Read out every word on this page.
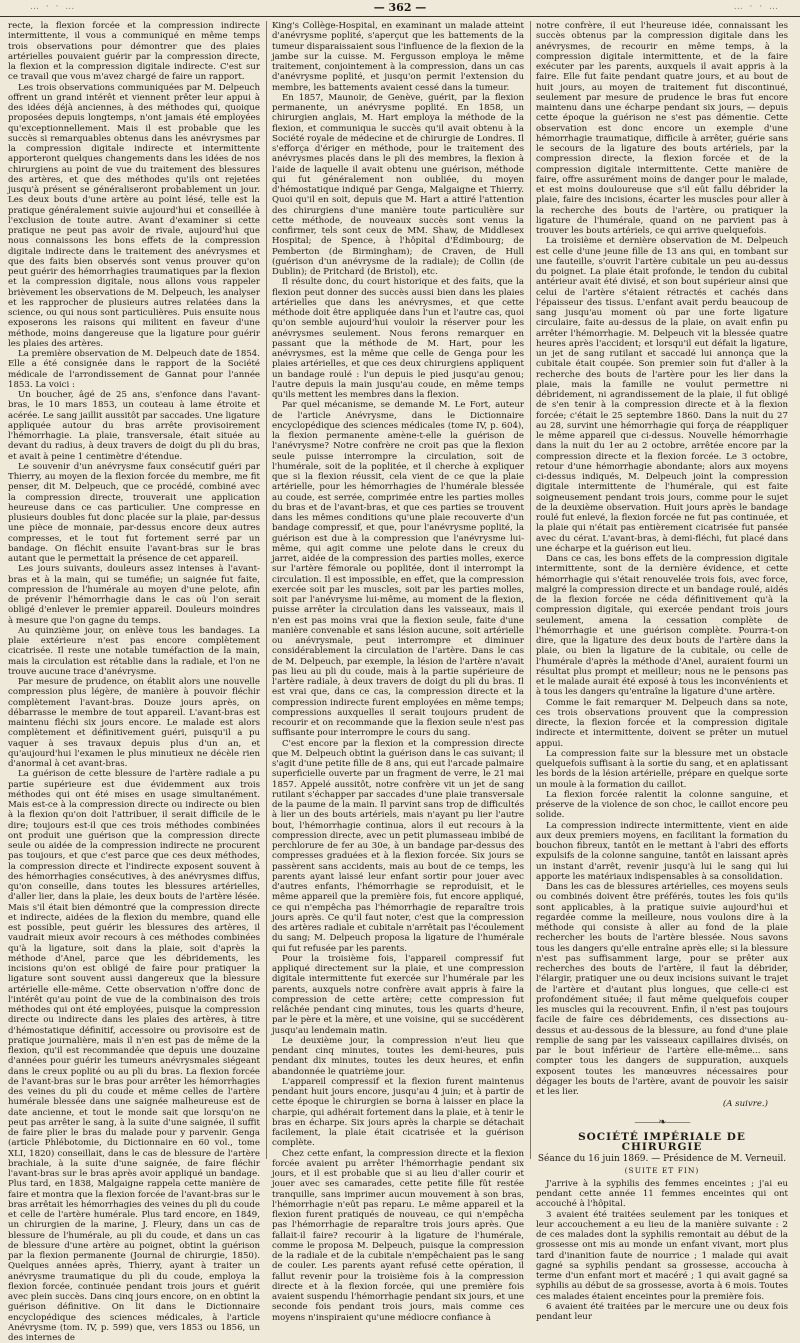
… · · …	— 362 —	… · · …

recte, la flexion forcée et la compression indirecte intermittente, il vous a communiqué en même temps trois observations pour démontrer que des plaies artérielles pouvaient guérir par la compression directe, la flexion et la compression digitale indirecte. C'est sur ce travail que vous m'avez chargé de faire un rapport.

Les trois observations communiquées par M. Delpeuch offrent un grand intérêt et viennent prêter leur appui à des idées déjà anciennes, à des méthodes qui, quoique proposées depuis longtemps, n'ont jamais été employées qu'exceptionnellement. Mais il est probable que les succès si remarquables obtenus dans les anévrysmes par la compression digitale indirecte et intermittente apporteront quelques changements dans les idées de nos chirurgiens au point de vue du traitement des blessures des artères, et que des méthodes qu'ils ont rejetées jusqu'à présent se généraliseront probablement un jour. Les deux bouts d'une artère au point lésé, telle est la pratique généralement suivie aujourd'hui et conseillée à l'exclusion de toute autre. Avant d'examiner si cette pratique ne peut pas avoir de rivale, aujourd'hui que nous connaissons les bons effets de la compression digitale indirecte dans le traitement des anévrysmes et que des faits bien observés sont venus prouver qu'on peut guérir des hémorrhagies traumatiques par la flexion et la compression digitale, nous allons vous rappeler brièvement les observations de M. Delpeuch, les analyser et les rapprocher de plusieurs autres relatées dans la science, ou qui nous sont particulières. Puis ensuite nous exposerons les raisons qui militent en faveur d'une méthode, moins dangereuse que la ligature pour guérir les plaies des artères.

La première observation de M. Delpeuch date de 1854. Elle a été consignée dans le rapport de la Société médicale de l'arrondissement de Gannat pour l'année 1853. La voici :

Un boucher, âgé de 25 ans, s'enfonce dans l'avant-bras, le 10 mars 1853, un couteau à lame étroite et acérée. Le sang jaillit aussitôt par saccades. Une ligature appliquée autour du bras arrête provisoirement l'hémorrhagie. La plaie, transversale, était située au devant du radius, à deux travers de doigt du pli du bras, et avait à peine 1 centimètre d'étendue.

Le souvenir d'un anévrysme faux consécutif guéri par Thierry, au moyen de la flexion forcée du membre, me fit penser, dit M. Delpeuch, que ce procédé, combiné avec la compression directe, trouverait une application heureuse dans ce cas particulier. Une compresse en plusieurs doubles fut donc placée sur la plaie, par-dessus une pièce de monnaie, par-dessus encore deux autres compresses, et le tout fut fortement serré par un bandage. On fléchit ensuite l'avant-bras sur le bras autant que le permettait la présence de cet appareil.

Les jours suivants, douleurs assez intenses à l'avant-bras et à la main, qui se tuméfie; un saignée fut faite, compression de l'humérale au moyen d'une pelote, afin de prévenir l'hémorrhagie dans le cas où l'on serait obligé d'enlever le premier appareil. Douleurs moindres à mesure que l'on gagne du temps.

Au quinzième jour, on enlève tous les bandages. La plaie extérieure n'est pas encore complètement cicatrisée. Il reste une notable tuméfaction de la main, mais la circulation est rétablie dans la radiale, et l'on ne trouve aucune trace d'anévrysme.

Par mesure de prudence, on établit alors une nouvelle compression plus légère, de manière à pouvoir fléchir complètement l'avant-bras. Douze jours après, on débarrasse le membre de tout appareil. L'avant-bras est maintenu fléchi six jours encore. Le malade est alors complètement et définitivement guéri, puisqu'il a pu vaquer à ses travaux depuis plus d'un an, et qu'aujourd'hui l'examen le plus minutieux ne décèle rien d'anormal à cet avant-bras.

La guérison de cette blessure de l'artère radiale a pu partie supérieure est due évidemment aux trois méthodes qui ont été mises en usage simultanément. Mais est-ce à la compression directe ou indirecte ou bien à la flexion qu'on doit l'attribuer, il serait difficile de le dire; toujours est-il que ces trois méthodes combinées ont produit une guérison que la compression directe seule ou aidée de la compression indirecte ne procurent pas toujours, et que c'est parce que ces deux méthodes, la compression directe et l'indirecte exposent souvent à des hémorrhagies consécutives, à des anévrysmes diffus, qu'on conseille, dans toutes les blessures artérielles, d'aller lier, dans la plaie, les deux bouts de l'artère lésée. Mais s'il était bien démontré que la compression directe et indirecte, aidées de la flexion du membre, quand elle est possible, peut guérir les blessures des artères, il vaudrait mieux avoir recours à ces méthodes combinées qu'à la ligature, soit dans la plaie, soit d'après la méthode d'Anel, parce que les débridements, les incisions qu'on est obligé de faire pour pratiquer la ligature sont souvent aussi dangereux que la blessure artérielle elle-même. Cette observation n'offre donc de l'intérêt qu'au point de vue de la combinaison des trois méthodes qui ont été employées, puisque la compression directe ou indirecte dans les plaies des artères, à titre d'hémostatique définitif, accessoire ou provisoire est de pratique journalière, mais il n'en est pas de même de la flexion, qu'il est recommandée que depuis une douzaine d'années pour guérir les tumeurs anévrysmales siégeant dans le creux poplité ou au pli du bras. La flexion forcée de l'avant-bras sur le bras pour arrêter les hémorrhagies des veines du pli du coude et même celles de l'artère humérale blessée dans une saignée malheureuse est de date ancienne, et tout le monde sait que lorsqu'on ne peut pas arrêter le sang, à la suite d'une saignée, il suffit de faire plier le bras du malade pour y parvenir. Genga (article Phlébotomie, du Dictionnaire en 60 vol., tome XLI, 1820) conseillait, dans le cas de blessure de l'artère brachiale, à la suite d'une saignée, de faire fléchir l'avant-bras sur le bras après avoir appliqué un bandage. Plus tard, en 1838, Malgaigne rappela cette manière de faire et montra que la flexion forcée de l'avant-bras sur le bras arrêtait les hémorrhagies des veines du pli du coude et celle de l'artère humérale. Plus tard encore, en 1849, un chirurgien de la marine, J. Fleury, dans un cas de blessure de l'humérale, au pli du coude, et dans un cas de blessure d'une artère au poignet, obtint la guérison par la flexion permanente (Journal de chirurgie, 1850). Quelques années après, Thierry, ayant à traiter un anévrysme traumatique du pli du coude, employa la flexion forcée, continuée pendant trois jours et guérit avec plein succès. Dans cinq jours encore, on en obtint la guérison définitive. On lit dans le Dictionnaire encyclopédique des sciences médicales, à l'article Anévrysme (tom. IV, p. 599) que, vers 1853 ou 1856, un des internes de

King's Collège-Hospital, en examinant un malade atteint d'anévrysme poplité, s'aperçut que les battements de la tumeur disparaissaient sous l'influence de la flexion de la jambe sur la cuisse. M. Fergusson employa le même traitement, conjointement à la compression, dans un cas d'anévrysme poplité, et jusqu'on permit l'extension du membre, les battements avaient cessé dans la tumeur.

En 1857, Maunoir, de Genève, guérit, par la flexion permanente, un anévrysme poplité. En 1858, un chirurgien anglais, M. Hart employa la méthode de la flexion, et communiqua le succès qu'il avait obtenu à la Société royale de médecine et de chirurgie de Londres. Il s'efforça d'ériger en méthode, pour le traitement des anévrysmes placés dans le pli des membres, la flexion à l'aide de laquelle il avait obtenu une guérison, méthode qui fut généralement non oubliée, du moyen d'hémostatique indiqué par Genga, Malgaigne et Thierry. Quoi qu'il en soit, depuis que M. Hart a attiré l'attention des chirurgiens d'une manière toute particulière sur cette méthode, de nouveaux succès sont venus la confirmer, tels sont ceux de MM. Shaw, de Middlesex Hospital; de Spence, à l'hôpital d'Édimbourg; de Pemberton (de Birmingham); de Craven, de Hull (guérison d'un anévrysme de la radiale); de Collin (de Dublin); de Pritchard (de Bristol), etc.

Il résulte donc, du court historique et des faits, que la flexion peut donner des succès aussi bien dans les plaies artérielles que dans les anévrysmes, et que cette méthode doit être appliquée dans l'un et l'autre cas, quoi qu'on semble aujourd'hui vouloir la réserver pour les anévrysmes seulement. Nous ferons remarquer en passant que la méthode de M. Hart, pour les anévrysmes, est la même que celle de Genga pour les plaies artérielles, et que ces deux chirurgiens appliquent un bandage roulé : l'un depuis le pied jusqu'au genou; l'autre depuis la main jusqu'au coude, en même temps qu'ils mettent les membres dans la flexion.

Par quel mécanisme, se demande M. Le Fort, auteur de l'article Anévrysme, dans le Dictionnaire encyclopédique des sciences médicales (tome IV, p. 604), la flexion permanente amène-t-elle la guérison de l'anévrysme? Notre confrère ne croit pas que la flexion seule puisse interrompre la circulation, soit de l'humérale, soit de la poplitée, et il cherche à expliquer que si la flexion réussit, cela vient de ce que la plaie artérielle, pour les hémorrhagies de l'humérale blessée au coude, est serrée, comprimée entre les parties molles du bras et de l'avant-bras, et que ces parties se trouvent dans les mêmes conditions qu'une plaie recouverte d'un bandage compressif, et que, pour l'anévrysme poplité, la guérison est due à la compression que l'anévrysme lui-même, qui agit comme une pelote dans le creux du jarret, aidée de la compression des parties molles, exerce sur l'artère fémorale ou poplitée, dont il interrompt la circulation. Il est impossible, en effet, que la compression exercée soit par les muscles, soit par les parties molles, soit par l'anévrysme lui-même, au moment de la flexion, puisse arrêter la circulation dans les vaisseaux, mais il n'en est pas moins vrai que la flexion seule, faite d'une manière convenable et sans lésion aucune, soit artérielle ou anévrysmale, peut interrompre et diminuer considérablement la circulation de l'artère. Dans le cas de M. Delpeuch, par exemple, la lésion de l'artère n'avait pas lieu au pli du coude, mais à la partie supérieure de l'artère radiale, à deux travers de doigt du pli du bras. Il est vrai que, dans ce cas, la compression directe et la compression indirecte furent employées en même temps; compressions auxquelles il serait toujours prudent de recourir et on recommande que la flexion seule n'est pas suffisante pour interrompre le cours du sang.

C'est encore par la flexion et la compression directe que M. Delpeuch obtint la guérison dans le cas suivant; il s'agit d'une petite fille de 8 ans, qui eut l'arcade palmaire superficielle ouverte par un fragment de verre, le 21 mai 1857. Appelé aussitôt, notre confrère vit un jet de sang rutilant s'échapper par saccades d'une plaie transversale de la paume de la main. Il parvint sans trop de difficultés à lier un des bouts artériels, mais n'ayant pu lier l'autre bout, l'hémorrhagie continua, alors il eut recours à la compression directe, avec un petit plumasseau imbibé de perchlorure de fer au 30e, à un bandage par-dessus des compresses graduées et à la flexion forcée. Six jours se passèrent sans accidents, mais au bout de ce temps, les parents ayant laissé leur enfant sortir pour jouer avec d'autres enfants, l'hémorrhagie se reproduisit, et le même appareil que la première fois, fut encore appliqué, ce qui n'empêcha pas l'hémorrhagie de reparaître trois jours après. Ce qu'il faut noter, c'est que la compression des artères radiale et cubitale n'arrêtait pas l'écoulement du sang; M. Delpeuch proposa la ligature de l'humérale qui fut refusée par les parents.

Pour la troisième fois, l'appareil compressif fut appliqué directement sur la plaie, et une compression digitale intermittente fut exercée sur l'humérale par les parents, auxquels notre confrère avait appris à faire la compression de cette artère; cette compression fut relâchée pendant cinq minutes, tous les quarts d'heure, par le père et la mère, et une voisine, qui se succédèrent jusqu'au lendemain matin.

Le deuxième jour, la compression n'eut lieu que pendant cinq minutes, toutes les demi-heures, puis pendant dix minutes, toutes les deux heures, et enfin abandonnée le quatrième jour.

L'appareil compressif et la flexion furent maintenus pendant huit jours encore, jusqu'au 4 juin; et à partir de cette époque le chirurgien se borna à laisser en place la charpie, qui adhérait fortement dans la plaie, et à tenir le bras en écharpe. Six jours après la charpie se détachait facilement, la plaie était cicatrisée et la guérison complète.

Chez cette enfant, la compression directe et la flexion forcée avaient pu arrêter l'hémorrhagie pendant six jours, et il est probable que si au lieu d'aller courir et jouer avec ses camarades, cette petite fille fût restée tranquille, sans imprimer aucun mouvement à son bras, l'hémorrhagie n'eût pas reparu. Le même appareil et la flexion furent pratiqués de nouveau, ce qui n'empêcha pas l'hémorrhagie de reparaître trois jours après. Que fallait-il faire? recourir à la ligature de l'humérale, comme le proposa M. Delpeuch, puisque la compression de la radiale et de la cubitale n'empêchaient pas le sang de couler. Les parents ayant refusé cette opération, il fallut revenir pour la troisième fois à la compression directe et à la flexion forcée, qui une première fois avaient suspendu l'hémorrhagie pendant six jours, et une seconde fois pendant trois jours, mais comme ces moyens n'inspiraient qu'une médiocre confiance à

notre confrère, il eut l'heureuse idée, connaissant les succès obtenus par la compression digitale dans les anévrysmes, de recourir en même temps, à la compression digitale intermittente, et de la faire exécuter par les parents, auxquels il avait appris à la faire. Elle fut faite pendant quatre jours, et au bout de huit jours, au moyen de traitement fut discontinué, seulement par mesure de prudence le bras fut encore maintenu dans une écharpe pendant six jours, — depuis cette époque la guérison ne s'est pas démentie. Cette observation est donc encore un exemple d'une hémorrhagie traumatique, difficile à arrêter, guérie sans le secours de la ligature des bouts artériels, par la compression directe, la flexion forcée et de la compression digitale intermittente. Cette manière de faire, offre assurément moins de danger pour le malade, et est moins douloureuse que s'il eût fallu débrider la plaie, faire des incisions, écarter les muscles pour aller à la recherche des bouts de l'artère, ou pratiquer la ligature de l'humérale, quand on ne parvient pas à trouver les bouts artériels, ce qui arrive quelquefois.

La troisième et dernière observation de M. Delpeuch est celle d'une jeune fille de 13 ans qui, en tombant sur une fauteille, s'ouvrit l'artère cubitale un peu au-dessus du poignet. La plaie était profonde, le tendon du cubital antérieur avait été divisé, et son bout supérieur ainsi que celui de l'artère s'étaient rétractés et cachés dans l'épaisseur des tissus. L'enfant avait perdu beaucoup de sang jusqu'au moment où par une forte ligature circulaire, faite au-dessus de la plaie, on avait enfin pu arrêter l'hémorrhagie. M. Delpeuch vit la blessée quatre heures après l'accident; et lorsqu'il eut défait la ligature, un jet de sang rutilant et saccadé lui annonça que la cubitale était coupée. Son premier soin fut d'aller à la recherche des bouts de l'artère pour les lier dans la plaie, mais la famille ne voulut permettre ni débridement, ni agrandissement de la plaie, il fut obligé de s'en tenir à la compression directe et à la flexion forcée; c'était le 25 septembre 1860. Dans la nuit du 27 au 28, survint une hémorrhagie qui força de réappliquer le même appareil que ci-dessus. Nouvelle hémorrhagie dans la nuit du 1er au 2 octobre, arrêtée encore par la compression directe et la flexion forcée. Le 3 octobre, retour d'une hémorrhagie abondante; alors aux moyens ci-dessus indiqués, M. Delpeuch joint la compression digitale intermittente de l'humérale, qui est faite soigneusement pendant trois jours, comme pour le sujet de la deuxième observation. Huit jours après le bandage roulé fut enlevé, la flexion forcée ne fut pas continuée, et la plaie qui n'était pas entièrement cicatrisée fut pansée avec du cérat. L'avant-bras, à demi-fléchi, fut placé dans une écharpe et la guérison eut lieu.

Dans ce cas, les bons effets de la compression digitale intermittente, sont de la dernière évidence, et cette hémorrhagie qui s'était renouvelée trois fois, avec force, malgré la compression directe et un bandage roulé, aidés de la flexion forcée ne céda définitivement qu'à la compression digitale, qui exercée pendant trois jours seulement, amena la cessation complète de l'hémorrhagie et une guérison complète. Pourra-t-on dire, que la ligature des deux bouts de l'artère dans la plaie, ou bien la ligature de la cubitale, ou celle de l'humérale d'après la méthode d'Anel, auraient fourni un résultat plus prompt et meilleur; nous ne le pensons pas et le malade aurait été exposé à tous les inconvénients et à tous les dangers qu'entraîne la ligature d'une artère.

Comme le fait remarquer M. Delpeuch dans sa note, ces trois observations prouvent que la compression directe, la flexion forcée et la compression digitale indirecte et intermittente, doivent se prêter un mutuel appui.

La compression faite sur la blessure met un obstacle quelquefois suffisant à la sortie du sang, et en aplatissant les bords de la lésion artérielle, prépare en quelque sorte un moule à la formation du caillot.

La flexion forcée ralentit la colonne sanguine, et préserve de la violence de son choc, le caillot encore peu solide.

La compression indirecte intermittente, vient en aide aux deux premiers moyens, en facilitant la formation du bouchon fibreux, tantôt en le mettant à l'abri des efforts expulsifs de la colonne sanguine, tantôt en laissant après un instant d'arrêt, revenir jusqu'à lui le sang qui lui apporte les matériaux indispensables à sa consolidation.

Dans les cas de blessures artérielles, ces moyens seuls ou combinés doivent être préférés, toutes les fois qu'ils sont applicables, à la pratique suivie aujourd'hui et regardée comme la meilleure, nous voulons dire à la méthode qui consiste à aller au fond de la plaie rechercher les bouts de l'artère blessée. Nous savons tous les dangers qu'elle entraîne après elle; si la blessure n'est pas suffisamment large, pour se prêter aux recherches des bouts de l'artère, il faut la débrider, l'élargir, pratiquer une ou deux incisions suivant le trajet de l'artère et d'autant plus longues, que celle-ci est profondément située; il faut même quelquefois couper les muscles qui la recouvrent. Enfin, il n'est pas toujours facile de faire ces débridements, ces dissections au-dessus et au-dessous de la blessure, au fond d'une plaie remplie de sang par les vaisseaux capillaires divisés, on par le bout inférieur de l'artère elle-même... sans compter tous les dangers de suppuration, auxquels exposent toutes les manœuvres nécessaires pour dégager les bouts de l'artère, avant de pouvoir les saisir et les lier.

(A suivre.)
⸻❧⸻
SOCIÉTÉ IMPÉRIALE DE CHIRURGIE
Séance du 16 juin 1869. — Présidence de M. Verneuil.
(SUITE ET FIN)

J'arrive à la syphilis des femmes enceintes ; j'ai eu pendant cette année 11 femmes enceintes qui ont accouché à l'hôpital.

3 avaient été traitées seulement par les toniques et leur accouchement a eu lieu de la manière suivante : 2 de ces malades dont la syphilis remontait au début de la grossesse ont mis au monde un enfant vivant, mort plus tard d'inanition faute de nourrice ; 1 malade qui avait gagné sa syphilis pendant sa grossesse, accoucha à terme d'un enfant mort et macéré ; 1 qui avait gagné sa syphilis au début de sa grossesse, avorta à 6 mois. Toutes ces malades étaient enceintes pour la première fois.

6 avaient été traitées par le mercure une ou deux fois pendant leur
